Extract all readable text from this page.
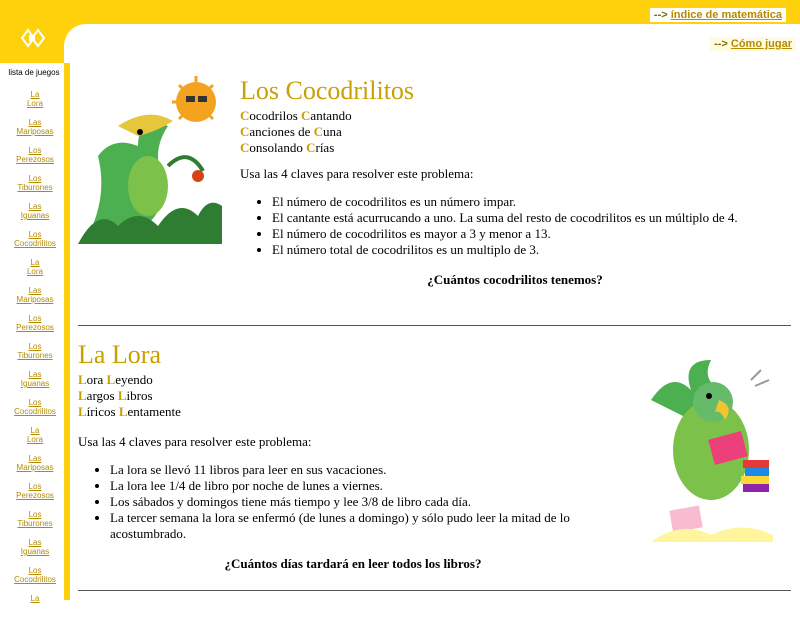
--> índice de matemática
--> Cómo jugar
lista de juegos
La
Lora
Las
Mariposas
Los
Perezosos
Los
Tiburones
Las
Iguanas
Los
Cocodrilitos
La
Lora
Las
Mariposas
Los
Perezosos
Los
Tiburones
Las
Iguanas
Los
Cocodrilitos
La
Lora
Las
Mariposas
Los
Perezosos
Los
Tiburones
Las
Iguanas
Los
Cocodrilitos
La
Los Cocodrilitos
Cocodrilos Cantando
Canciones de Cuna
Consolando Crías

Usa las 4 claves para resolver este problema:

• El número de cocodrilitos es un número impar.
• El cantante está acurrucando a uno. La suma del resto de cocodrilitos es un múltiplo de 4.
• El número de cocodrilitos es mayor a 3 y menor a 13.
• El número total de cocodrilitos es un multiplo de 3.
¿Cuántos cocodrilitos tenemos?
La Lora
Lora Leyendo
Largos Libros
Líricos Lentamente

Usa las 4 claves para resolver este problema:

• La lora se llevó 11 libros para leer en sus vacaciones.
• La lora lee 1/4 de libro por noche de lunes a viernes.
• Los sábados y domingos tiene más tiempo y lee 3/8 de libro cada día.
• La tercer semana la lora se enfermó (de lunes a domingo) y sólo pudo leer la mitad de lo acostumbrado.
¿Cuántos días tardará en leer todos los libros?
